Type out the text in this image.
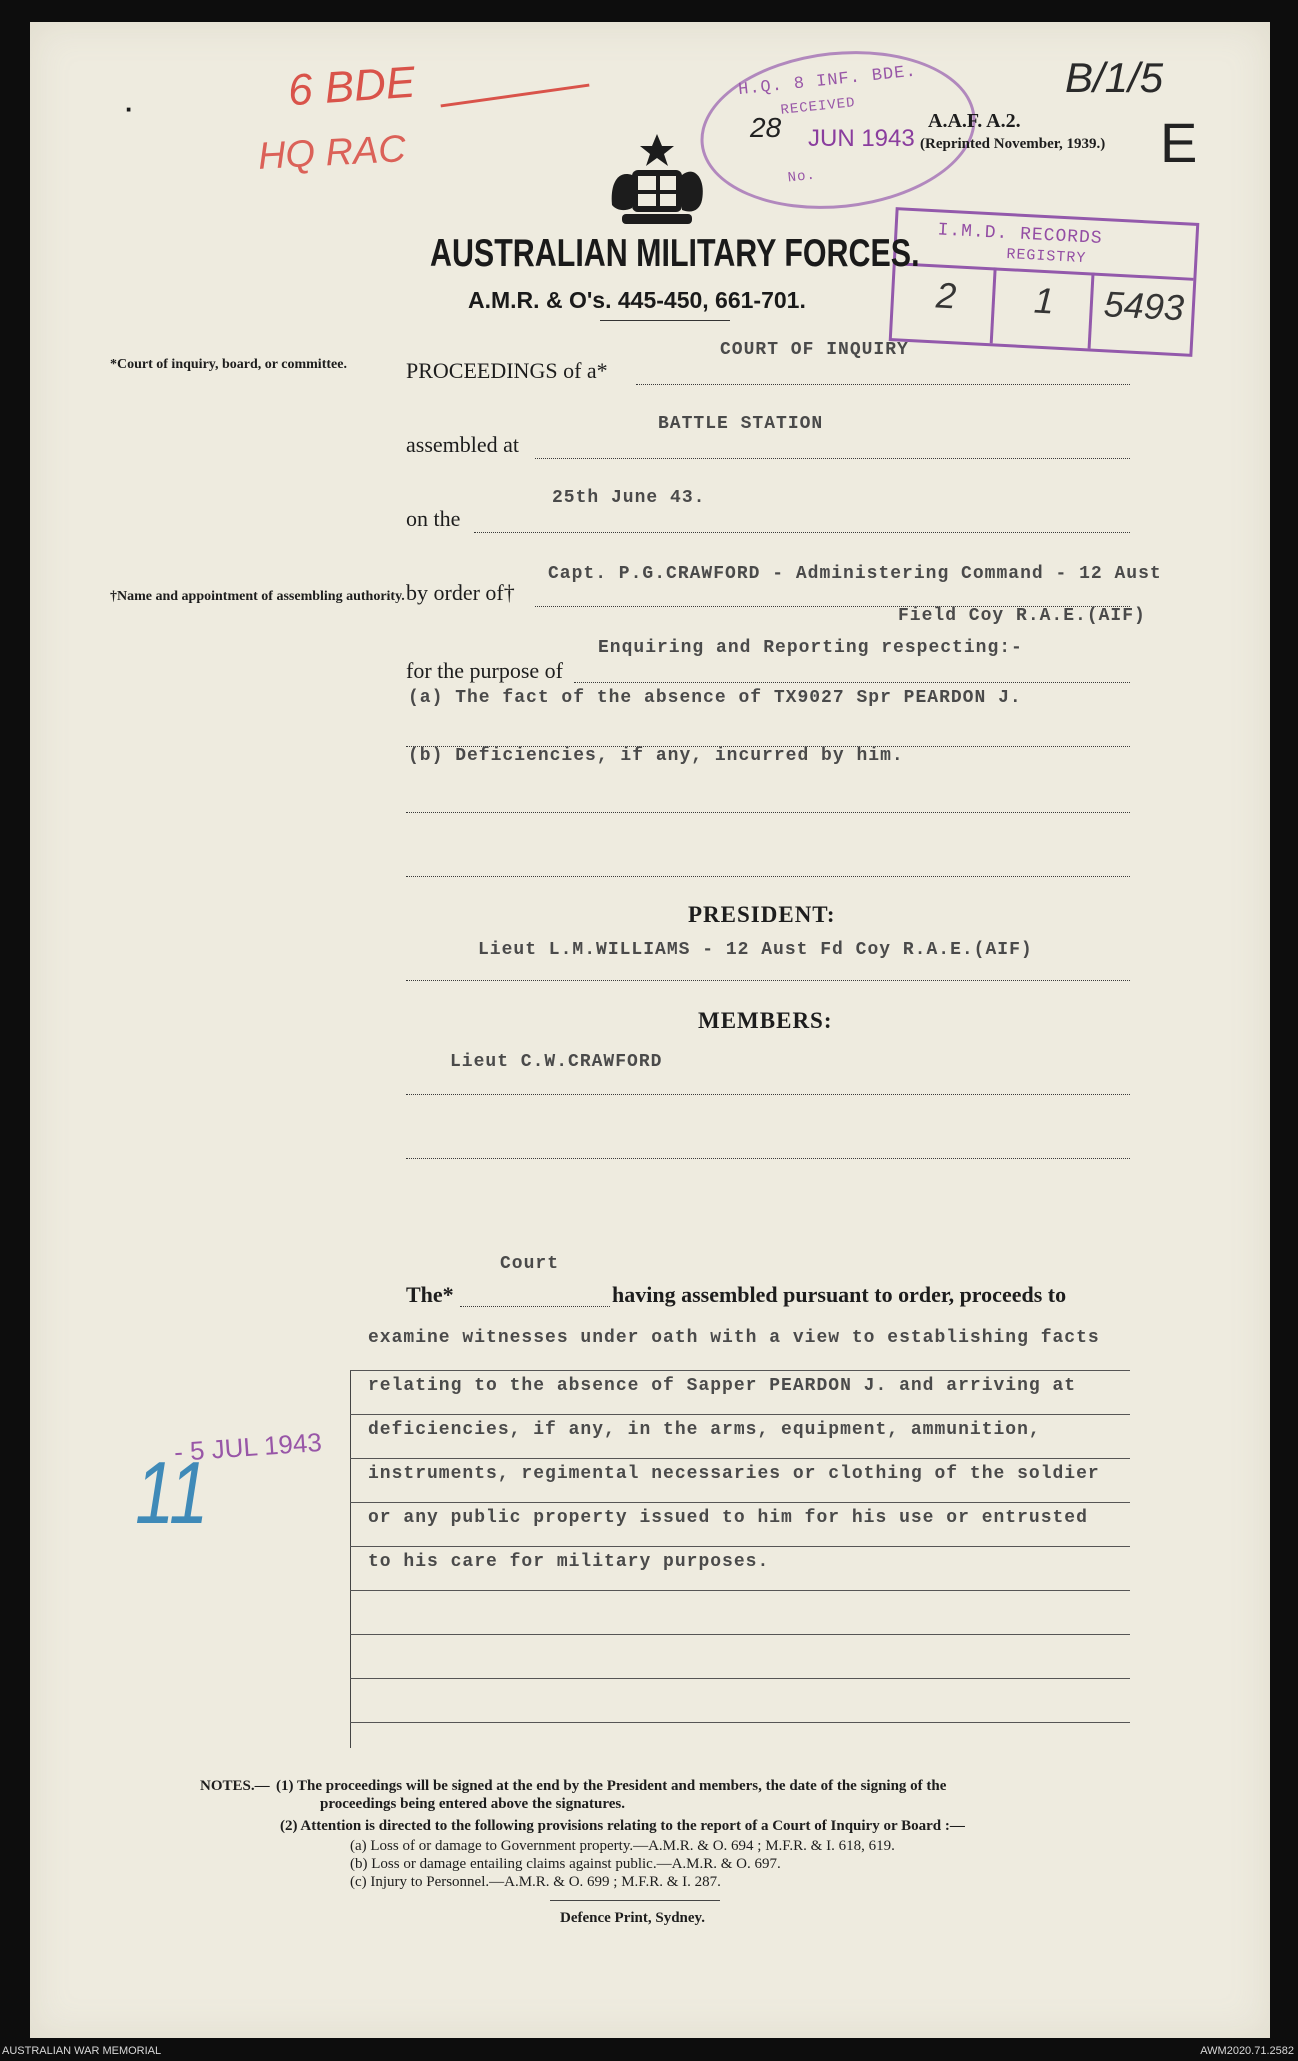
6 BDE
HQ RAC
·
B/1/5
E
H.Q. 8 INF. BDE.
RECEIVED
No.
28 JUN 1943
I.M.D. RECORDS
REGISTRY
2 1 5493
A.A.F. A.2.
(Reprinted November, 1939.)
AUSTRALIAN MILITARY FORCES.
A.M.R. & O's. 445-450, 661-701.
*Court of inquiry, board, or committee.
†Name and appointment of assembling authority.
PROCEEDINGS of a*
COURT OF INQUIRY
assembled at
BATTLE STATION
on the
25th June 43.
by order of†
Capt. P.G.CRAWFORD - Administering Command - 12 Aust
Field Coy R.A.E.(AIF)
for the purpose of
Enquiring and Reporting respecting:-
(a) The fact of the absence of TX9027 Spr PEARDON J.
(b) Deficiencies, if any, incurred by him.
PRESIDENT:
Lieut L.M.WILLIAMS - 12 Aust Fd Coy R.A.E.(AIF)
MEMBERS:
Lieut C.W.CRAWFORD
Court
The*	having assembled pursuant to order, proceeds to
examine witnesses under oath with a view to establishing facts
relating to the absence of Sapper PEARDON J. and arriving at
deficiencies, if any, in the arms, equipment, ammunition,
instruments, regimental necessaries or clothing of the soldier
or any public property issued to him for his use or entrusted
to his care for military purposes.
- 5 JUL 1943
11
NOTES.— (1) The proceedings will be signed at the end by the President and members, the date of the signing of the
proceedings being entered above the signatures.
(2) Attention is directed to the following provisions relating to the report of a Court of Inquiry or Board :—
(a) Loss of or damage to Government property.—A.M.R. & O. 694 ; M.F.R. & I. 618, 619.
(b) Loss or damage entailing claims against public.—A.M.R. & O. 697.
(c) Injury to Personnel.—A.M.R. & O. 699 ; M.F.R. & I. 287.
Defence Print, Sydney.
AUSTRALIAN WAR MEMORIAL	AWM2020.71.2582
